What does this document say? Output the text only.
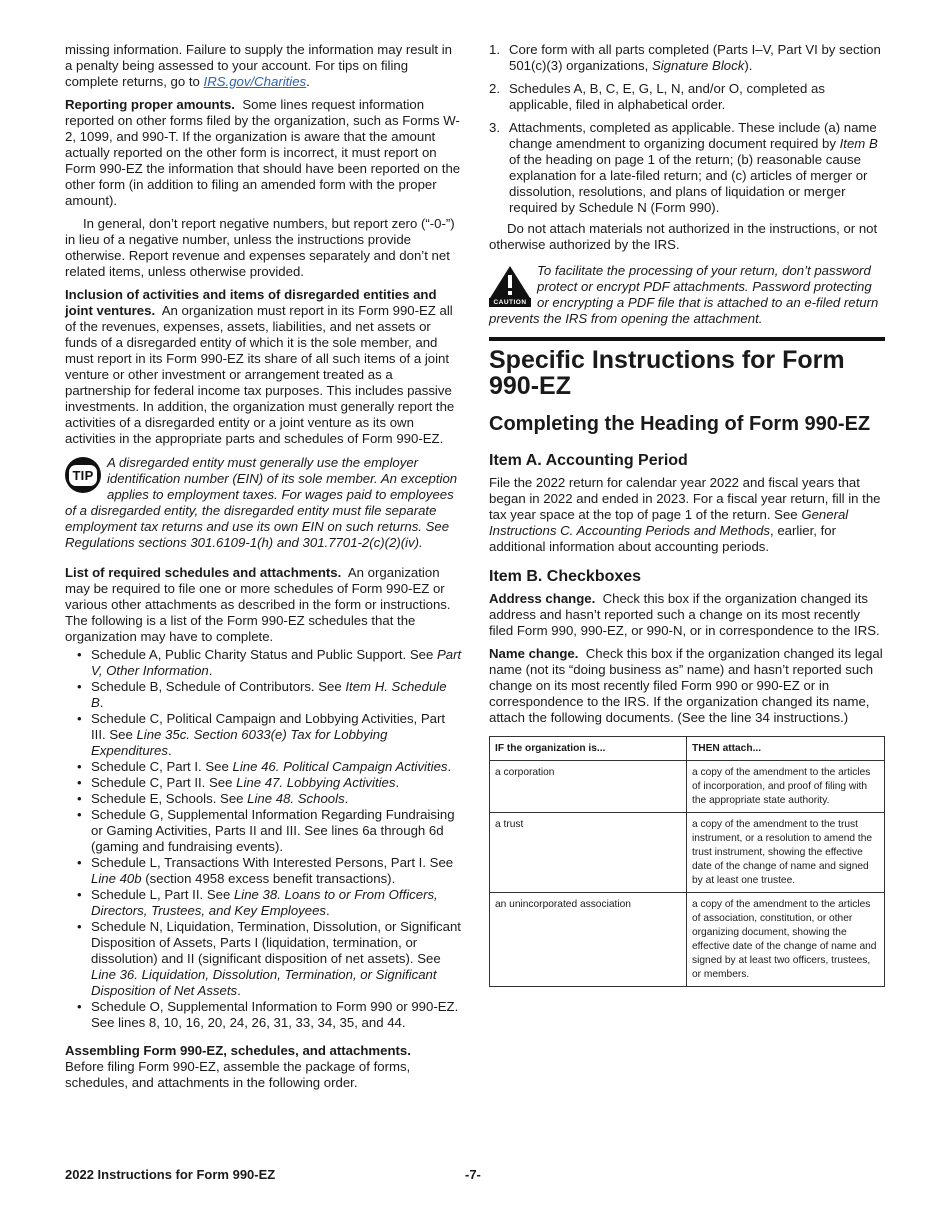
missing information. Failure to supply the information may result in a penalty being assessed to your account. For tips on filing complete returns, go to IRS.gov/Charities.

Reporting proper amounts. Some lines request information reported on other forms filed by the organization, such as Forms W-2, 1099, and 990-T. If the organization is aware that the amount actually reported on the other form is incorrect, it must report on Form 990-EZ the information that should have been reported on the other form (in addition to filing an amended form with the proper amount).

In general, don’t report negative numbers, but report zero (“-0-”) in lieu of a negative number, unless the instructions provide otherwise. Report revenue and expenses separately and don’t net related items, unless otherwise provided.

Inclusion of activities and items of disregarded entities and joint ventures. An organization must report in its Form 990-EZ all of the revenues, expenses, assets, liabilities, and net assets or funds of a disregarded entity of which it is the sole member, and must report in its Form 990-EZ its share of all such items of a joint venture or other investment or arrangement treated as a partnership for federal income tax purposes. This includes passive investments. In addition, the organization must generally report the activities of a disregarded entity or a joint venture as its own activities in the appropriate parts and schedules of Form 990-EZ.

TIP
A disregarded entity must generally use the employer identification number (EIN) of its sole member. An exception applies to employment taxes. For wages paid to employees of a disregarded entity, the disregarded entity must file separate employment tax returns and use its own EIN on such returns. See Regulations sections 301.6109-1(h) and 301.7701-2(c)(2)(iv).

List of required schedules and attachments. An organization may be required to file one or more schedules of Form 990-EZ or various other attachments as described in the form or instructions. The following is a list of the Form 990-EZ schedules that the organization may have to complete.

• Schedule A, Public Charity Status and Public Support. See Part V, Other Information.
• Schedule B, Schedule of Contributors. See Item H. Schedule B.
• Schedule C, Political Campaign and Lobbying Activities, Part III. See Line 35c. Section 6033(e) Tax for Lobbying Expenditures.
• Schedule C, Part I. See Line 46. Political Campaign Activities.
• Schedule C, Part II. See Line 47. Lobbying Activities.
• Schedule E, Schools. See Line 48. Schools.
• Schedule G, Supplemental Information Regarding Fundraising or Gaming Activities, Parts II and III. See lines 6a through 6d (gaming and fundraising events).
• Schedule L, Transactions With Interested Persons, Part I. See Line 40b (section 4958 excess benefit transactions).
• Schedule L, Part II. See Line 38. Loans to or From Officers, Directors, Trustees, and Key Employees.
• Schedule N, Liquidation, Termination, Dissolution, or Significant Disposition of Assets, Parts I (liquidation, termination, or dissolution) and II (significant disposition of net assets). See Line 36. Liquidation, Dissolution, Termination, or Significant Disposition of Net Assets.
• Schedule O, Supplemental Information to Form 990 or 990-EZ. See lines 8, 10, 16, 20, 24, 26, 31, 33, 34, 35, and 44.

Assembling Form 990-EZ, schedules, and attachments.
Before filing Form 990-EZ, assemble the package of forms, schedules, and attachments in the following order.

1. Core form with all parts completed (Parts I–V, Part VI by section 501(c)(3) organizations, Signature Block).
2. Schedules A, B, C, E, G, L, N, and/or O, completed as applicable, filed in alphabetical order.
3. Attachments, completed as applicable. These include (a) name change amendment to organizing document required by Item B of the heading on page 1 of the return; (b) reasonable cause explanation for a late-filed return; and (c) articles of merger or dissolution, resolutions, and plans of liquidation or merger required by Schedule N (Form 990).

Do not attach materials not authorized in the instructions, or not otherwise authorized by the IRS.

CAUTION
To facilitate the processing of your return, don’t password protect or encrypt PDF attachments. Password protecting or encrypting a PDF file that is attached to an e-filed return prevents the IRS from opening the attachment.
Specific Instructions for Form 990-EZ
Completing the Heading of Form 990-EZ
Item A. Accounting Period

File the 2022 return for calendar year 2022 and fiscal years that began in 2022 and ended in 2023. For a fiscal year return, fill in the tax year space at the top of page 1 of the return. See General Instructions C. Accounting Periods and Methods, earlier, for additional information about accounting periods.

Item B. Checkboxes

Address change. Check this box if the organization changed its address and hasn’t reported such a change on its most recently filed Form 990, 990-EZ, or 990-N, or in correspondence to the IRS.

Name change. Check this box if the organization changed its legal name (not its “doing business as” name) and hasn’t reported such change on its most recently filed Form 990 or 990-EZ or in correspondence to the IRS. If the organization changed its name, attach the following documents. (See the line 34 instructions.)

IF the organization is...	THEN attach...
a corporation	a copy of the amendment to the articles of incorporation, and proof of filing with the appropriate state authority.
a trust	a copy of the amendment to the trust instrument, or a resolution to amend the trust instrument, showing the effective date of the change of name and signed by at least one trustee.
an unincorporated association	a copy of the amendment to the articles of association, constitution, or other organizing document, showing the effective date of the change of name and signed by at least two officers, trustees, or members.
2022 Instructions for Form 990-EZ	-7-
